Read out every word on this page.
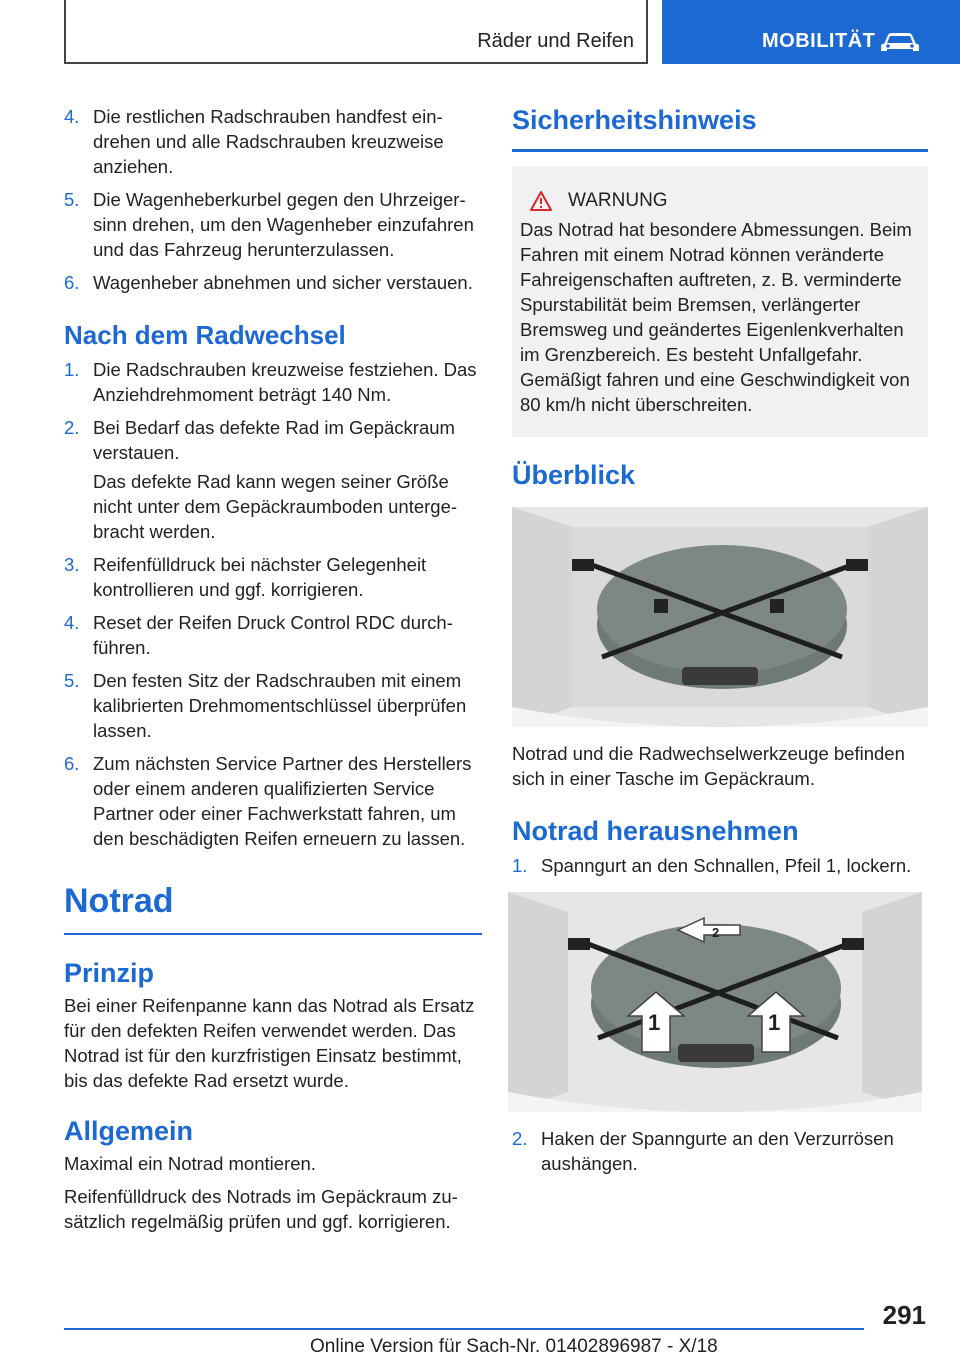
Räder und Reifen	MOBILITÄT
4. Die restlichen Radschrauben handfest eindrehen und alle Radschrauben kreuzweise anziehen.
5. Die Wagenheberkurbel gegen den Uhrzeigersinn drehen, um den Wagenheber einzufahren und das Fahrzeug herunterzulassen.
6. Wagenheber abnehmen und sicher verstauen.
Nach dem Radwechsel
1. Die Radschrauben kreuzweise festziehen. Das Anziehdrehmoment beträgt 140 Nm.
2. Bei Bedarf das defekte Rad im Gepäckraum verstauen.
Das defekte Rad kann wegen seiner Größe nicht unter dem Gepäckraumboden untergebracht werden.
3. Reifenfülldruck bei nächster Gelegenheit kontrollieren und ggf. korrigieren.
4. Reset der Reifen Druck Control RDC durchführen.
5. Den festen Sitz der Radschrauben mit einem kalibrierten Drehmomentschlüssel überprüfen lassen.
6. Zum nächsten Service Partner des Herstellers oder einem anderen qualifizierten Service Partner oder einer Fachwerkstatt fahren, um den beschädigten Reifen erneuern zu lassen.
Notrad
Prinzip
Bei einer Reifenpanne kann das Notrad als Ersatz für den defekten Reifen verwendet werden. Das Notrad ist für den kurzfristigen Einsatz bestimmt, bis das defekte Rad ersetzt wurde.
Allgemein
Maximal ein Notrad montieren.
Reifenfülldruck des Notrads im Gepäckraum zusätzlich regelmäßig prüfen und ggf. korrigieren.
Sicherheitshinweis
WARNUNG
Das Notrad hat besondere Abmessungen. Beim Fahren mit einem Notrad können veränderte Fahreigenschaften auftreten, z. B. verminderte Spurstabilität beim Bremsen, verlängerter Bremsweg und geändertes Eigenlenkverhalten im Grenzbereich. Es besteht Unfallgefahr. Gemäßigt fahren und eine Geschwindigkeit von 80 km/h nicht überschreiten.
Überblick
Notrad und die Radwechselwerkzeuge befinden sich in einer Tasche im Gepäckraum.
Notrad herausnehmen
1. Spanngurt an den Schnallen, Pfeil 1, lockern.
1	1
2
2. Haken der Spanngurte an den Verzurrösen aushängen.
291
Online Version für Sach-Nr. 01402896987 - X/18
